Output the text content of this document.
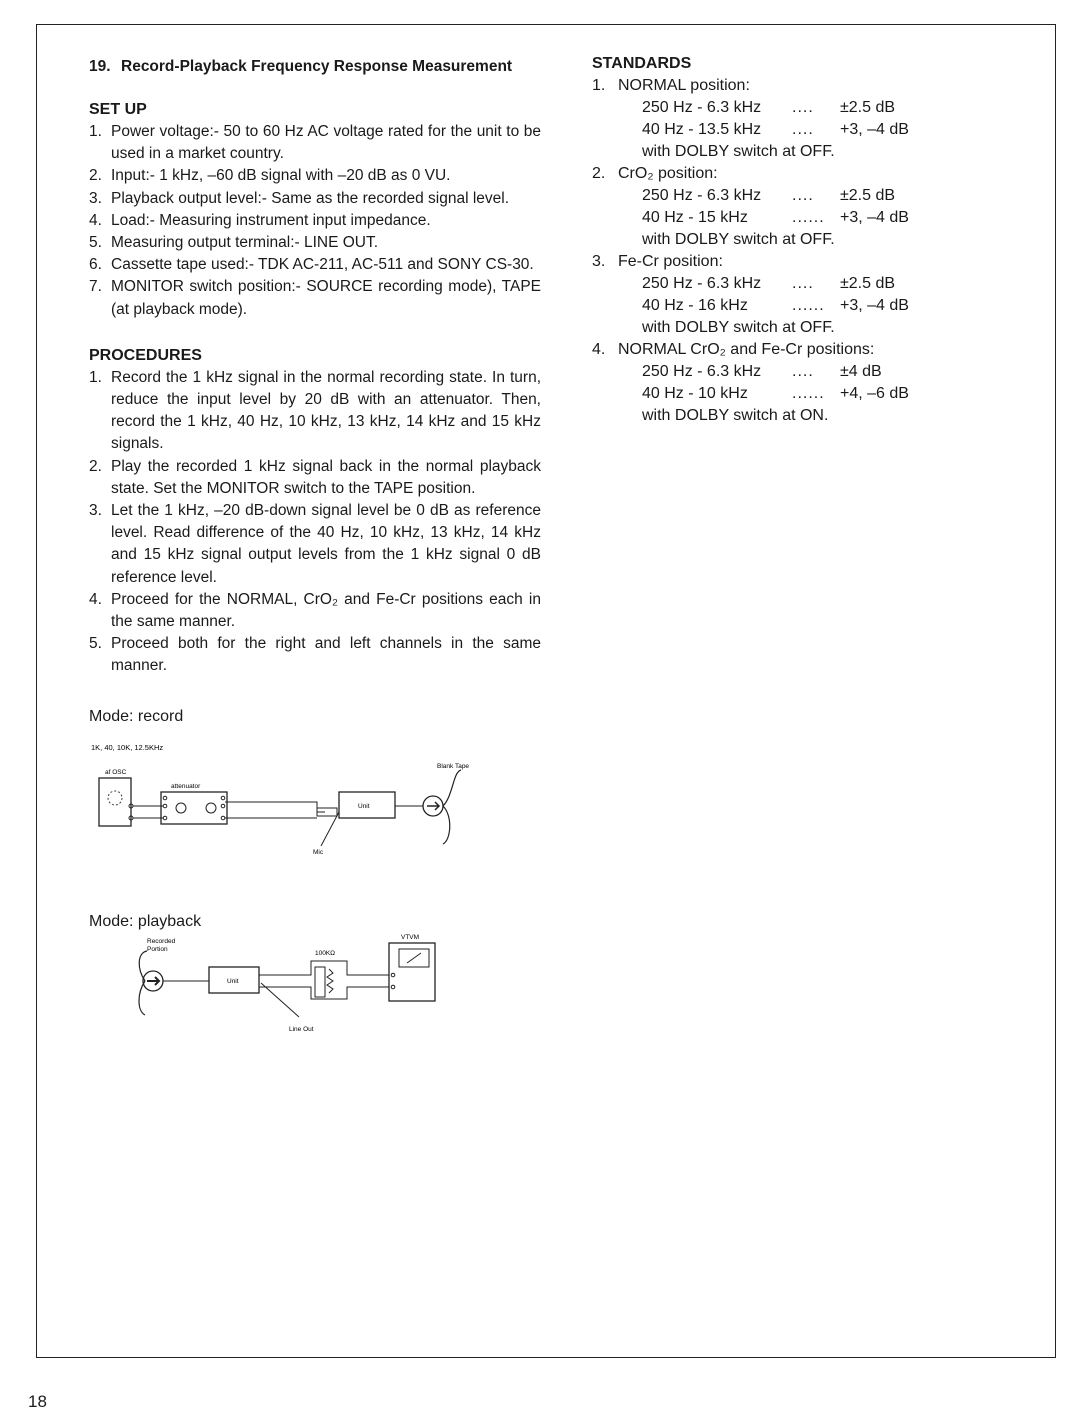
19. Record-Playback Frequency Response Measurement
SET UP
1. Power voltage:- 50 to 60 Hz AC voltage rated for the unit to be used in a market country.
2. Input:- 1 kHz, –60 dB signal with –20 dB as 0 VU.
3. Playback output level:- Same as the recorded signal level.
4. Load:- Measuring instrument input impedance.
5. Measuring output terminal:- LINE OUT.
6. Cassette tape used:- TDK AC-211, AC-511 and SONY CS-30.
7. MONITOR switch position:- SOURCE recording mode), TAPE (at playback mode).
PROCEDURES
1. Record the 1 kHz signal in the normal recording state. In turn, reduce the input level by 20 dB with an attenuator. Then, record the 1 kHz, 40 Hz, 10 kHz, 13 kHz, 14 kHz and 15 kHz signals.
2. Play the recorded 1 kHz signal back in the normal playback state. Set the MONITOR switch to the TAPE position.
3. Let the 1 kHz, –20 dB-down signal level be 0 dB as reference level. Read difference of the 40 Hz, 10 kHz, 13 kHz, 14 kHz and 15 kHz signal output levels from the 1 kHz signal 0 dB reference level.
4. Proceed for the NORMAL, CrO₂ and Fe-Cr positions each in the same manner.
5. Proceed both for the right and left channels in the same manner.
Mode: record
1K, 40, 10K, 12.5KHz
af OSC
attenuator
Unit
Mic
Blank Tape
Mode: playback
Recorded
Portion
Unit
Line Out
100KΩ
VTVM
STANDARDS
1. NORMAL position:
250 Hz - 6.3 kHz	....	±2.5 dB
40 Hz - 13.5 kHz	....	+3, –4 dB
with DOLBY switch at OFF.
2. CrO₂ position:
250 Hz - 6.3 kHz	....	±2.5 dB
40 Hz - 15 kHz	...... +3, –4 dB
with DOLBY switch at OFF.
3. Fe-Cr position:
250 Hz - 6.3 kHz	....	±2.5 dB
40 Hz - 16 kHz	...... +3, –4 dB
with DOLBY switch at OFF.
4. NORMAL CrO₂ and Fe-Cr positions:
250 Hz - 6.3 kHz	....	±4 dB
40 Hz - 10 kHz	...... +4, –6 dB
with DOLBY switch at ON.
18
